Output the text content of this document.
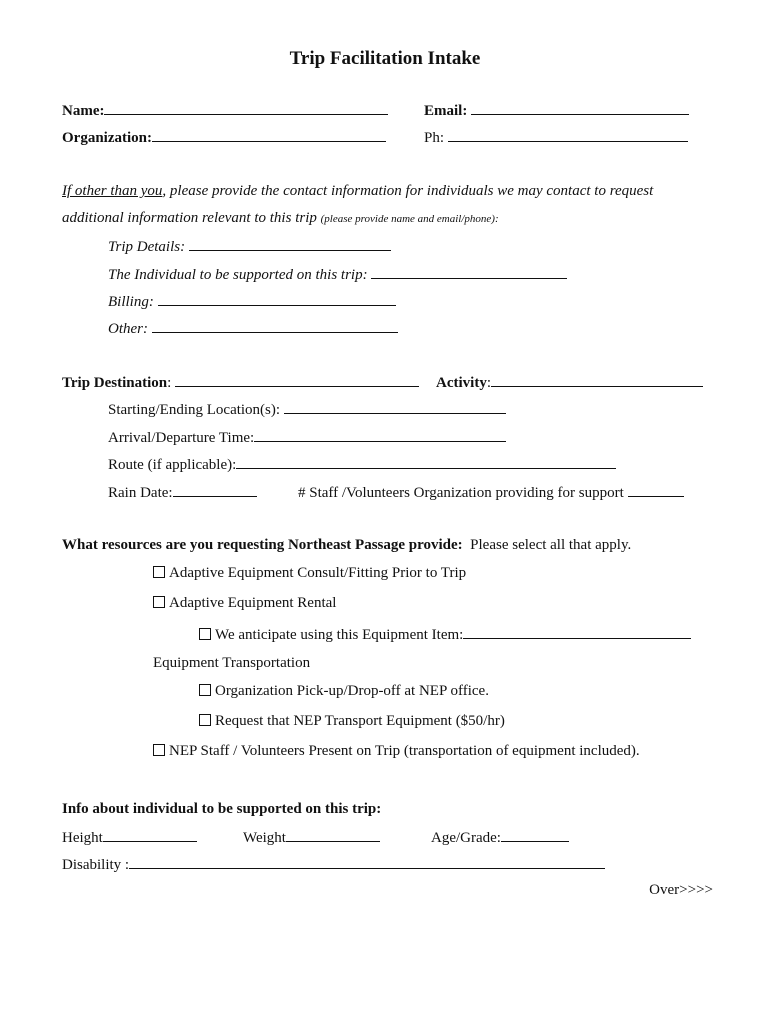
Trip Facilitation Intake
Name:	Email:
Organization:	Ph:
If other than you, please provide the contact information for individuals we may contact to request
additional information relevant to this trip (please provide name and email/phone):
Trip Details:
The Individual to be supported on this trip:
Billing:
Other:
Trip Destination:	Activity:
Starting/Ending Location(s):
Arrival/Departure Time:
Route (if applicable):
Rain Date:	# Staff /Volunteers Organization providing for support
What resources are you requesting Northeast Passage provide: Please select all that apply.
Adaptive Equipment Consult/Fitting Prior to Trip
Adaptive Equipment Rental
We anticipate using this Equipment Item:
Equipment Transportation
Organization Pick-up/Drop-off at NEP office.
Request that NEP Transport Equipment ($50/hr)
NEP Staff / Volunteers Present on Trip (transportation of equipment included).
Info about individual to be supported on this trip:
Height	Weight	Age/Grade:
Disability :
Over>>>>
